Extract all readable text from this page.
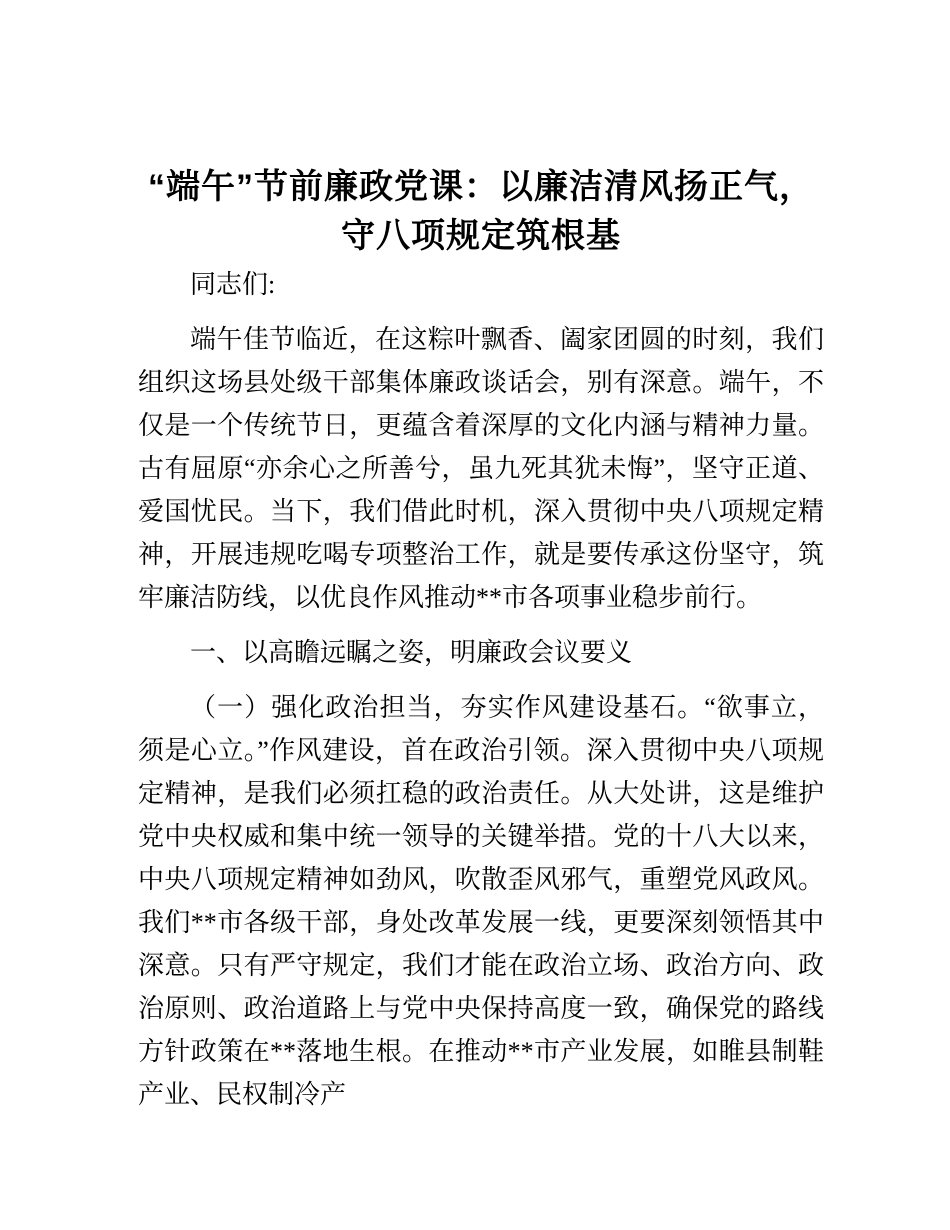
“端午”节前廉政党课：以廉洁清风扬正气，守八项规定筑根基

同志们:

端午佳节临近，在这粽叶飘香、阖家团圆的时刻，我们组织这场县处级干部集体廉政谈话会，别有深意。端午，不仅是一个传统节日，更蕴含着深厚的文化内涵与精神力量。古有屈原“亦余心之所善兮，虽九死其犹未悔”，坚守正道、爱国忧民。当下，我们借此时机，深入贯彻中央八项规定精神，开展违规吃喝专项整治工作，就是要传承这份坚守，筑牢廉洁防线，以优良作风推动**市各项事业稳步前行。

一、以高瞻远瞩之姿，明廉政会议要义

（一）强化政治担当，夯实作风建设基石。“欲事立，须是心立。”作风建设，首在政治引领。深入贯彻中央八项规定精神，是我们必须扛稳的政治责任。从大处讲，这是维护党中央权威和集中统一领导的关键举措。党的十八大以来，中央八项规定精神如劲风，吹散歪风邪气，重塑党风政风。我们**市各级干部，身处改革发展一线，更要深刻领悟其中深意。只有严守规定，我们才能在政治立场、政治方向、政治原则、政治道路上与党中央保持高度一致，确保党的路线方针政策在**落地生根。在推动**市产业发展，如睢县制鞋产业、民权制冷产
